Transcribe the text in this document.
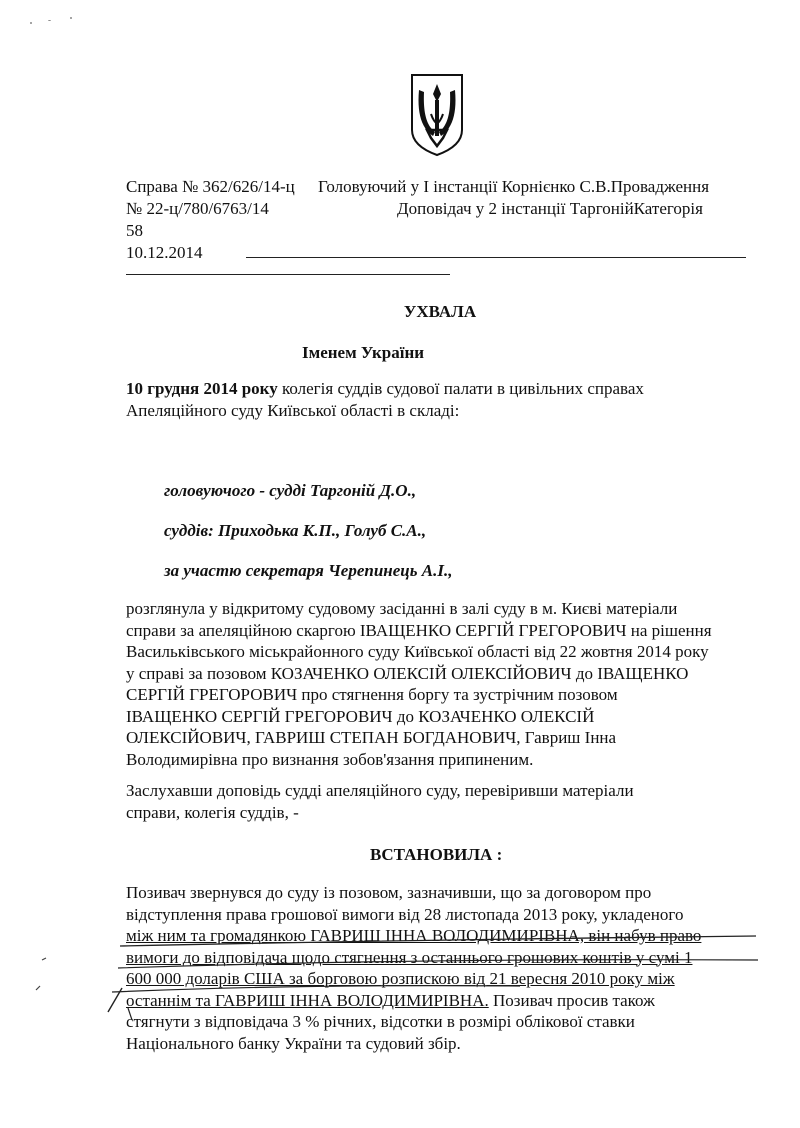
Справа № 362/626/14-ц Головуючий у І інстанції Корнієнко С.В.Провадження
№ 22-ц/780/6763/14	Доповідач у 2 інстанції ТаргонійКатегорія
58
10.12.2014
УХВАЛА
Іменем України
10 грудня 2014 року колегія суддів судової палати в цивільних справах
Апеляційного суду Київської області в складі:
головуючого - судді Таргоній Д.О.,
суддів: Приходька К.П., Голуб С.А.,
за участю секретаря Черепинець А.І.,
розглянула у відкритому судовому засіданні в залі суду в м. Києві матеріали
справи за апеляційною скаргою ІВАЩЕНКО СЕРГІЙ ГРЕГОРОВИЧ на рішення
Васильківського міськрайонного суду Київської області від 22 жовтня 2014 року
у справі за позовом КОЗАЧЕНКО ОЛЕКСІЙ ОЛЕКСІЙОВИЧ до ІВАЩЕНКО
СЕРГІЙ ГРЕГОРОВИЧ про стягнення боргу та зустрічним позовом
ІВАЩЕНКО СЕРГІЙ ГРЕГОРОВИЧ до КОЗАЧЕНКО ОЛЕКСІЙ
ОЛЕКСІЙОВИЧ, ГАВРИШ СТЕПАН БОГДАНОВИЧ, Гавриш Інна
Володимирівна про визнання зобов'язання припиненим.
Заслухавши доповідь судді апеляційного суду, перевіривши матеріали
справи, колегія суддів, -
ВСТАНОВИЛА :
Позивач звернувся до суду із позовом, зазначивши, що за договором про
відступлення права грошової вимоги від 28 листопада 2013 року, укладеного
між ним та громадянкою ГАВРИШ ІННА ВОЛОДИМИРІВНА, він набув право
вимоги до відповідача щодо стягнення з останнього грошових коштів у сумі 1
600 000 доларів США за борговою розпискою від 21 вересня 2010 року між
останнім та ГАВРИШ ІННА ВОЛОДИМИРІВНА. Позивач просив також
стягнути з відповідача 3 % річних, відсотки в розмірі облікової ставки
Національного банку України та судовий збір.
